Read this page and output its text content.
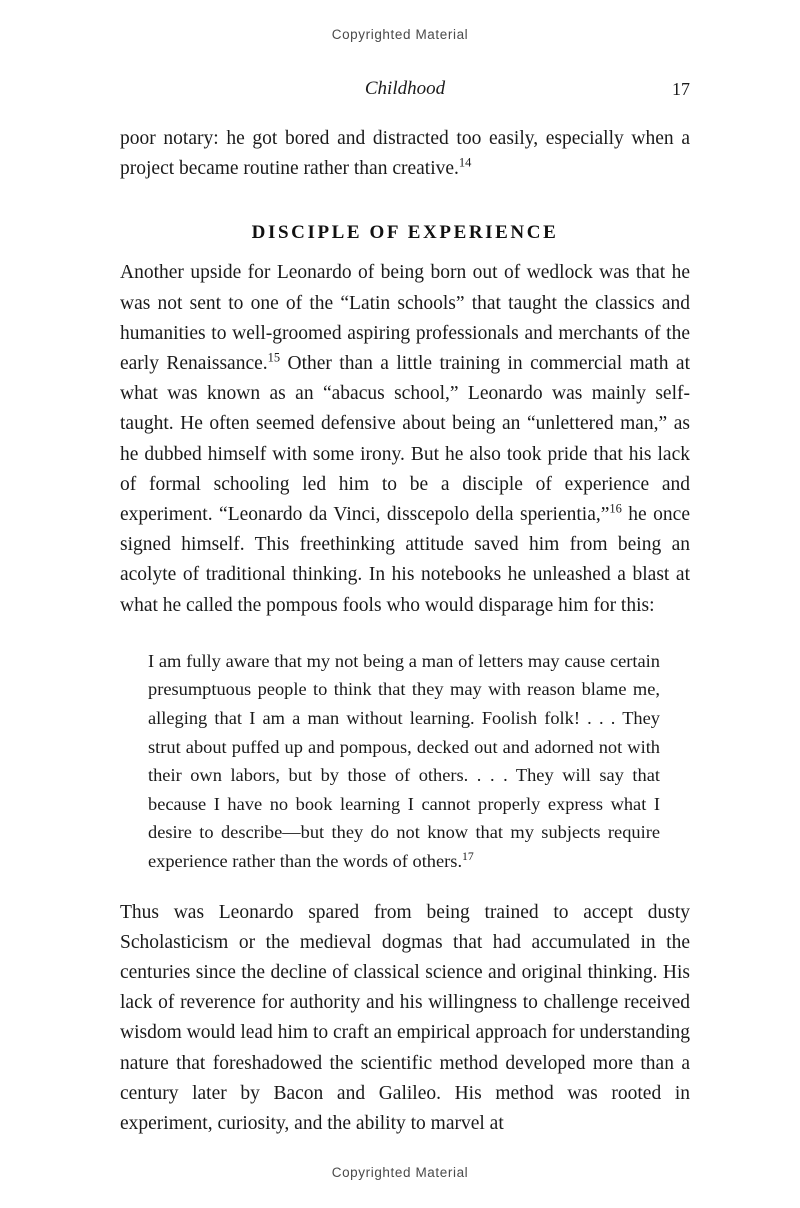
Copyrighted Material
Childhood	17

poor notary: he got bored and distracted too easily, especially when a project became routine rather than creative.$^{14}$

DISCIPLE OF EXPERIENCE

Another upside for Leonardo of being born out of wedlock was that he was not sent to one of the “Latin schools” that taught the classics and humanities to well-groomed aspiring professionals and merchants of the early Renaissance.$^{15}$ Other than a little training in commercial math at what was known as an “abacus school,” Leonardo was mainly self-taught. He often seemed defensive about being an “unlettered man,” as he dubbed himself with some irony. But he also took pride that his lack of formal schooling led him to be a disciple of experience and experiment. “Leonardo da Vinci, disscepolo della sperientia,”$^{16}$ he once signed himself. This freethinking attitude saved him from being an acolyte of traditional thinking. In his notebooks he unleashed a blast at what he called the pompous fools who would disparage him for this:

I am fully aware that my not being a man of letters may cause certain presumptuous people to think that they may with reason blame me, alleging that I am a man without learning. Foolish folk! . . . They strut about puffed up and pompous, decked out and adorned not with their own labors, but by those of others. . . . They will say that because I have no book learning I cannot properly express what I desire to describe—but they do not know that my subjects require experience rather than the words of others.$^{17}$

Thus was Leonardo spared from being trained to accept dusty Scholasticism or the medieval dogmas that had accumulated in the centuries since the decline of classical science and original thinking. His lack of reverence for authority and his willingness to challenge received wisdom would lead him to craft an empirical approach for understanding nature that foreshadowed the scientific method developed more than a century later by Bacon and Galileo. His method was rooted in experiment, curiosity, and the ability to marvel at

Copyrighted Material
